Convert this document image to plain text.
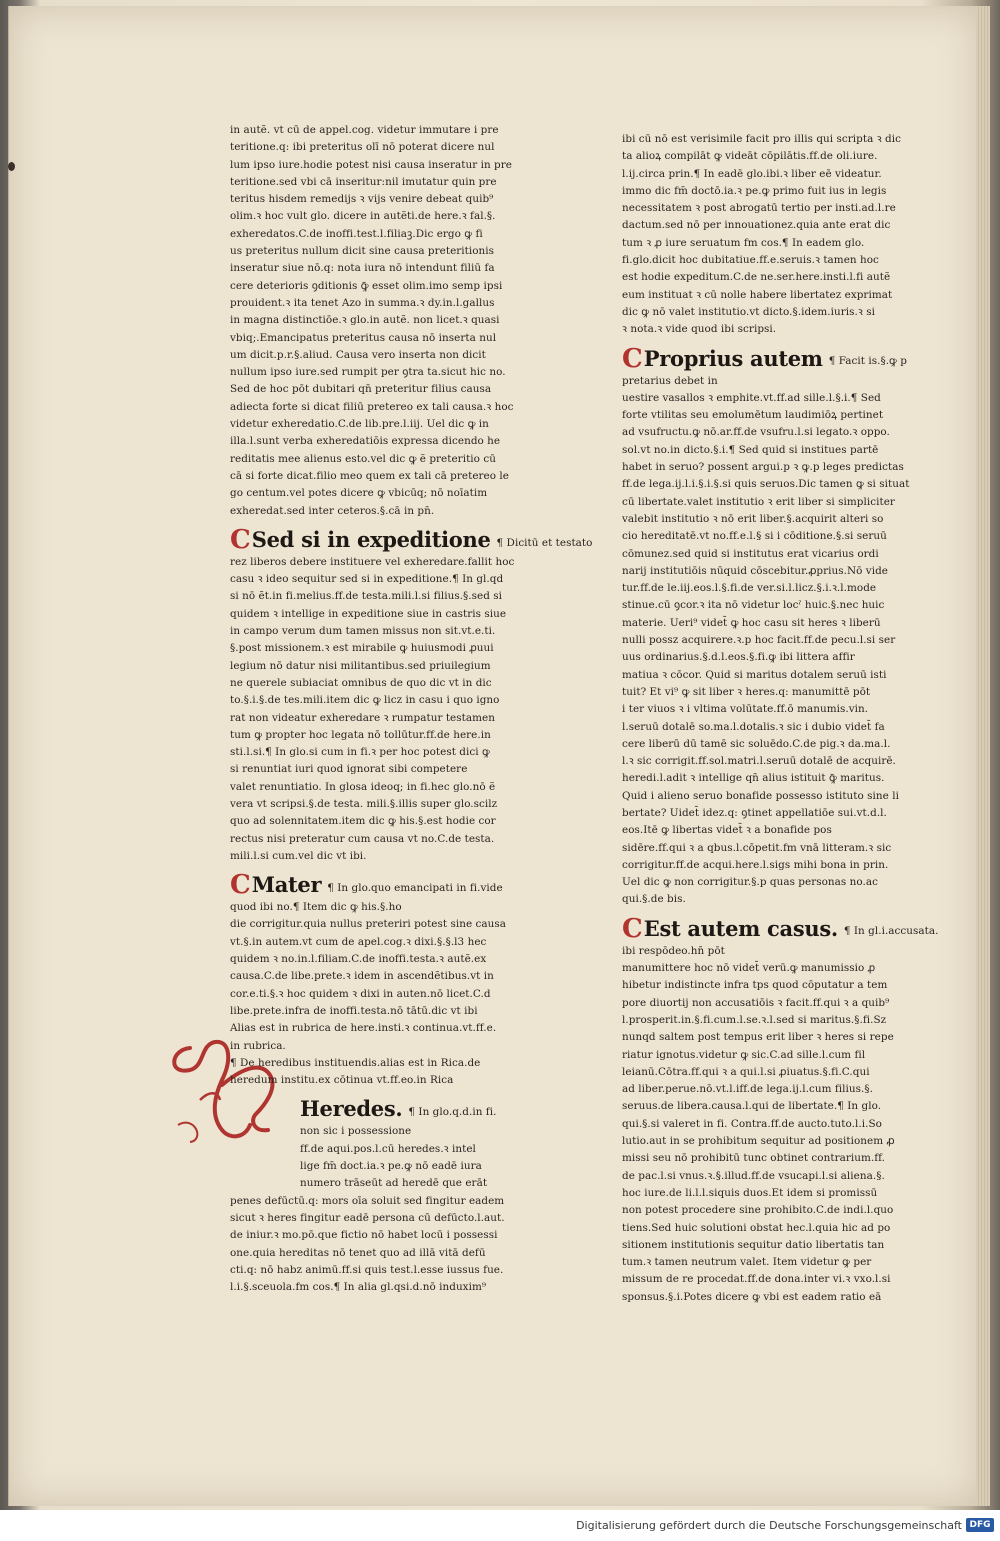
in autẽ. vt cū de appel.cog. videtur immutare i pre
teritione.q: ibi preteritus olī nō poterat dicere nul
lum ipso iure.hodie potest nisi causa inseratur in pre
teritione.sed vbi cā inseritur:nil imutatur quin pre
teritus hisdem remedijs ꝛ vijs venire debeat quib⁹
olim.ꝛ hoc vult glo. dicere in autẽti.de here.ꝛ fal.§.
exheredatos.C.de inoffi.test.l.filiaꝫ.Dic ergo ꝙ fi
us preteritus nullum dicit sine causa preteritionis
inseratur siue nō.q: nota iura nō intendunt filiū fa
cere deterioris ꝯditionis ꝙ̄ esset olim.imo semp ipsi
prouident.ꝛ ita tenet Azo in summa.ꝛ dy.in.l.gallus
in magna distinctiōe.ꝛ glo.in autẽ. non licet.ꝛ quasi
vbiq;.Emancipatus preteritus causa nō inserta nul
um dicit.p.r.§.aliud. Causa vero inserta non dicit
nullum ipso iure.sed rumpit per ꝯtra ta.sicut hic no.
Sed de hoc pōt dubitari qn̄ preteritur filius causa
adiecta forte si dicat filiū pretereo ex tali causa.ꝛ hoc
videtur exheredatio.C.de lib.pre.l.iij. Uel dic ꝙ in
illa.l.sunt verba exheredatiōis expressa dicendo he
reditatis mee alienus esto.vel dic ꝙ ẽ preteritio cū
cā si forte dicat.filio meo quem ex tali cā pretereo le
go centum.vel potes dicere ꝙ vbicūq; nō noīatim
exheredat.sed inter ceteros.§.cā in pn̄.
C Sed si in expeditione ¶ Dicitū et testato
rez liberos debere instituere vel exheredare.fallit hoc
casu ꝛ ideo sequitur sed si in expeditione.¶ In gl.qd
si nō ẽt.in fi.melius.ff.de testa.mili.l.si filius.§.sed si
quidem ꝛ intellige in expeditione siue in castris siue
in campo verum dum tamen missus non sit.vt.e.ti.
§.post missionem.ꝛ est mirabile ꝙ huiusmodi ꝓuui
legium nō datur nisi militantibus.sed priuilegium
ne querele subiaciat omnibus de quo dic vt in dic
to.§.i.§.de tes.mili.item dic ꝙ licz in casu i quo igno
rat non videatur exheredare ꝛ rumpatur testamen
tum ꝙ propter hoc legata nō tollūtur.ff.de here.in
sti.l.si.¶ In glo.si cum in fi.ꝛ per hoc potest dici ꝙ
si renuntiat iuri quod ignorat sibi competere
valet renuntiatio. In glosa ideoq; in fi.hec glo.nō ẽ
vera vt scripsi.§.de testa. mili.§.illis super glo.scilz
quo ad solennitatem.item dic ꝙ his.§.est hodie cor
rectus nisi preteratur cum causa vt no.C.de testa.
mili.l.si cum.vel dic vt ibi.
C Mater ¶ In glo.quo emancipati in fi.vide
quod ibi no.¶ Item dic ꝙ his.§.ho
die corrigitur.quia nullus preteriri potest sine causa
vt.§.in autem.vt cum de apel.cog.ꝛ dixi.§.§.l3 hec
quidem ꝛ no.in.l.filiam.C.de inoffi.testa.ꝛ autẽ.ex
causa.C.de libe.prete.ꝛ idem in ascendẽtibus.vt in
cor.e.ti.§.ꝛ hoc quidem ꝛ dixi in auten.nō licet.C.d
libe.prete.infra de inoffi.testa.nō tātū.dic vt ibi
Alias est in rubrica de here.insti.ꝛ continua.vt.ff.e.
in rubrica.
¶ De heredibus instituendis.alias est in Rica.de
heredum institu.ex cōtinua vt.ff.eo.in Rica
Heredes. ¶ In glo.q.d.in fi.
non sic i possessione
ff.de aqui.pos.l.cū heredes.ꝛ intel
lige fm̄ doct.ia.ꝛ pe.ꝙ nō eadē iura
numero trāseūt ad heredē que erāt
penes defūctū.q: mors oīa soluit sed fingitur eadem
sicut ꝛ heres fingitur eadē persona cū defūcto.l.aut.
de iniur.ꝛ mo.pō.que fictio nō habet locū i possessi
one.quia hereditas nō tenet quo ad illā vitā defū
cti.q: nō habz animū.ff.si quis test.l.esse iussus fue.
l.i.§.sceuola.fm cos.¶ In alia gl.qsi.d.nō induxim⁹
ibi cū nō est verisimile facit pro illis qui scripta ꝛ dic
ta alioꝝ compilāt ꝙ videāt cōpilātis.ff.de oli.iure.
l.ij.circa prin.¶ In eadē glo.ibi.ꝛ liber eē videatur.
immo dic fm̄ doctō.ia.ꝛ pe.ꝙ primo fuit ius in legis
necessitatem ꝛ post abrogatū tertio per insti.ad.l.re
dactum.sed nō per innouationez.quia ante erat dic
tum ꝛ ꝓ iure seruatum fm cos.¶ In eadem glo.
fi.glo.dicit hoc dubitatiue.ff.e.seruis.ꝛ tamen hoc
est hodie expeditum.C.de ne.ser.here.insti.l.fi autẽ
eum instituat ꝛ cū nolle habere libertatez exprimat
dic ꝙ nō valet institutio.vt dicto.§.idem.iuris.ꝛ si
ꝛ nota.ꝛ vide quod ibi scripsi.
C Proprius autem ¶ Facit is.§.ꝙ p
pretarius debet in
uestire vasallos ꝛ emphite.vt.ff.ad sille.l.§.i.¶ Sed
forte vtilitas seu emolumētum laudimiōꝝ pertinet
ad vsufructu.ꝙ nō.ar.ff.de vsufru.l.si legato.ꝛ oppo.
sol.vt no.in dicto.§.i.¶ Sed quid si institues partē
habet in seruo? possent argui.p ꝛ ꝙ.p leges predictas
ff.de lega.ij.l.i.§.i.§.si quis seruos.Dic tamen ꝙ si situat
cū libertate.valet institutio ꝛ erit liber si simpliciter
valebit institutio ꝛ nō erit liber.§.acquirit alteri so
cio hereditatē.vt no.ff.e.l.§ si i cōditione.§.si seruū
cōmunez.sed quid si institutus erat vicarius ordi
narij institutiōis nūquid cōscebitur.ꝓprius.Nō vide
tur.ff.de le.iij.eos.l.§.fi.de ver.si.l.licz.§.i.ꝛ.l.mode
stinue.cū ꝯcor.ꝛ ita nō videtur locˀ huic.§.nec huic
materie. Ueri⁹ videt̄ ꝙ hoc casu sit heres ꝛ liberū
nulli possz acquirere.ꝛ.p hoc facit.ff.de pecu.l.si ser
uus ordinarius.§.d.l.eos.§.fi.ꝙ ibi littera affir
matiua ꝛ cōcor. Quid si maritus dotalem seruū isti
tuit? Et vi⁹ ꝙ sit liber ꝛ heres.q: manumittē pōt
i ter viuos ꝛ i vltima volūtate.ff.ō manumis.vin.
l.seruū dotalē so.ma.l.dotalis.ꝛ sic i dubio videt̄ fa
cere liberū dū tamē sic soluēdo.C.de pig.ꝛ da.ma.l.
l.ꝛ sic corrigit.ff.sol.matri.l.seruū dotalē de acquirē.
heredi.l.adit ꝛ intellige qn̄ alius istituit ꝙ̄ maritus.
Quid i alieno seruo bonafide possesso istituto sine li
bertate? Uidet̄ idez.q: ꝯtinet appellatiōe sui.vt.d.l.
eos.Itē ꝙ libertas videt̄ ꝛ a bonafide pos
sidēre.ff.qui ꝛ a qbus.l.cōpetit.fm vnā litteram.ꝛ sic
corrigitur.ff.de acqui.here.l.sigs mihi bona in prin.
Uel dic ꝙ non corrigitur.§.p quas personas no.ac
qui.§.de bis.
C Est autem casus. ¶ In gl.i.accusata.
ibi respōdeo.hn̄ pōt
manumittere hoc nō videt̄ verū.ꝙ manumissio ꝓ
hibetur indistincte infra tps quod cōputatur a tem
pore diuortij non accusatiōis ꝛ facit.ff.qui ꝛ a quib⁹
l.prosperit.in.§.fi.cum.l.se.ꝛ.l.sed si maritus.§.fi.Sz
nunqd saltem post tempus erit liber ꝛ heres si repe
riatur ignotus.videtur ꝙ sic.C.ad sille.l.cum fil
leianū.Cōtra.ff.qui ꝛ a qui.l.si ꝓiuatus.§.fi.C.qui
ad liber.perue.nō.vt.l.iff.de lega.ij.l.cum filius.§.
seruus.de libera.causa.l.qui de libertate.¶ In glo.
qui.§.si valeret in fi. Contra.ff.de aucto.tuto.l.i.So
lutio.aut in se prohibitum sequitur ad positionem ꝓ
missi seu nō prohibitū tunc obtinet contrarium.ff.
de pac.l.si vnus.ꝛ.§.illud.ff.de vsucapi.l.si aliena.§.
hoc iure.de li.l.l.siquis duos.Et idem si promissū
non potest procedere sine prohibito.C.de indi.l.quo
tiens.Sed huic solutioni obstat hec.l.quia hic ad po
sitionem institutionis sequitur datio libertatis tan
tum.ꝛ tamen neutrum valet. Item videtur ꝙ per
missum de re procedat.ff.de dona.inter vi.ꝛ vxo.l.si
sponsus.§.i.Potes dicere ꝙ vbi est eadem ratio eā
Digitalisierung gefördert durch die Deutsche Forschungsgemeinschaft DFG
